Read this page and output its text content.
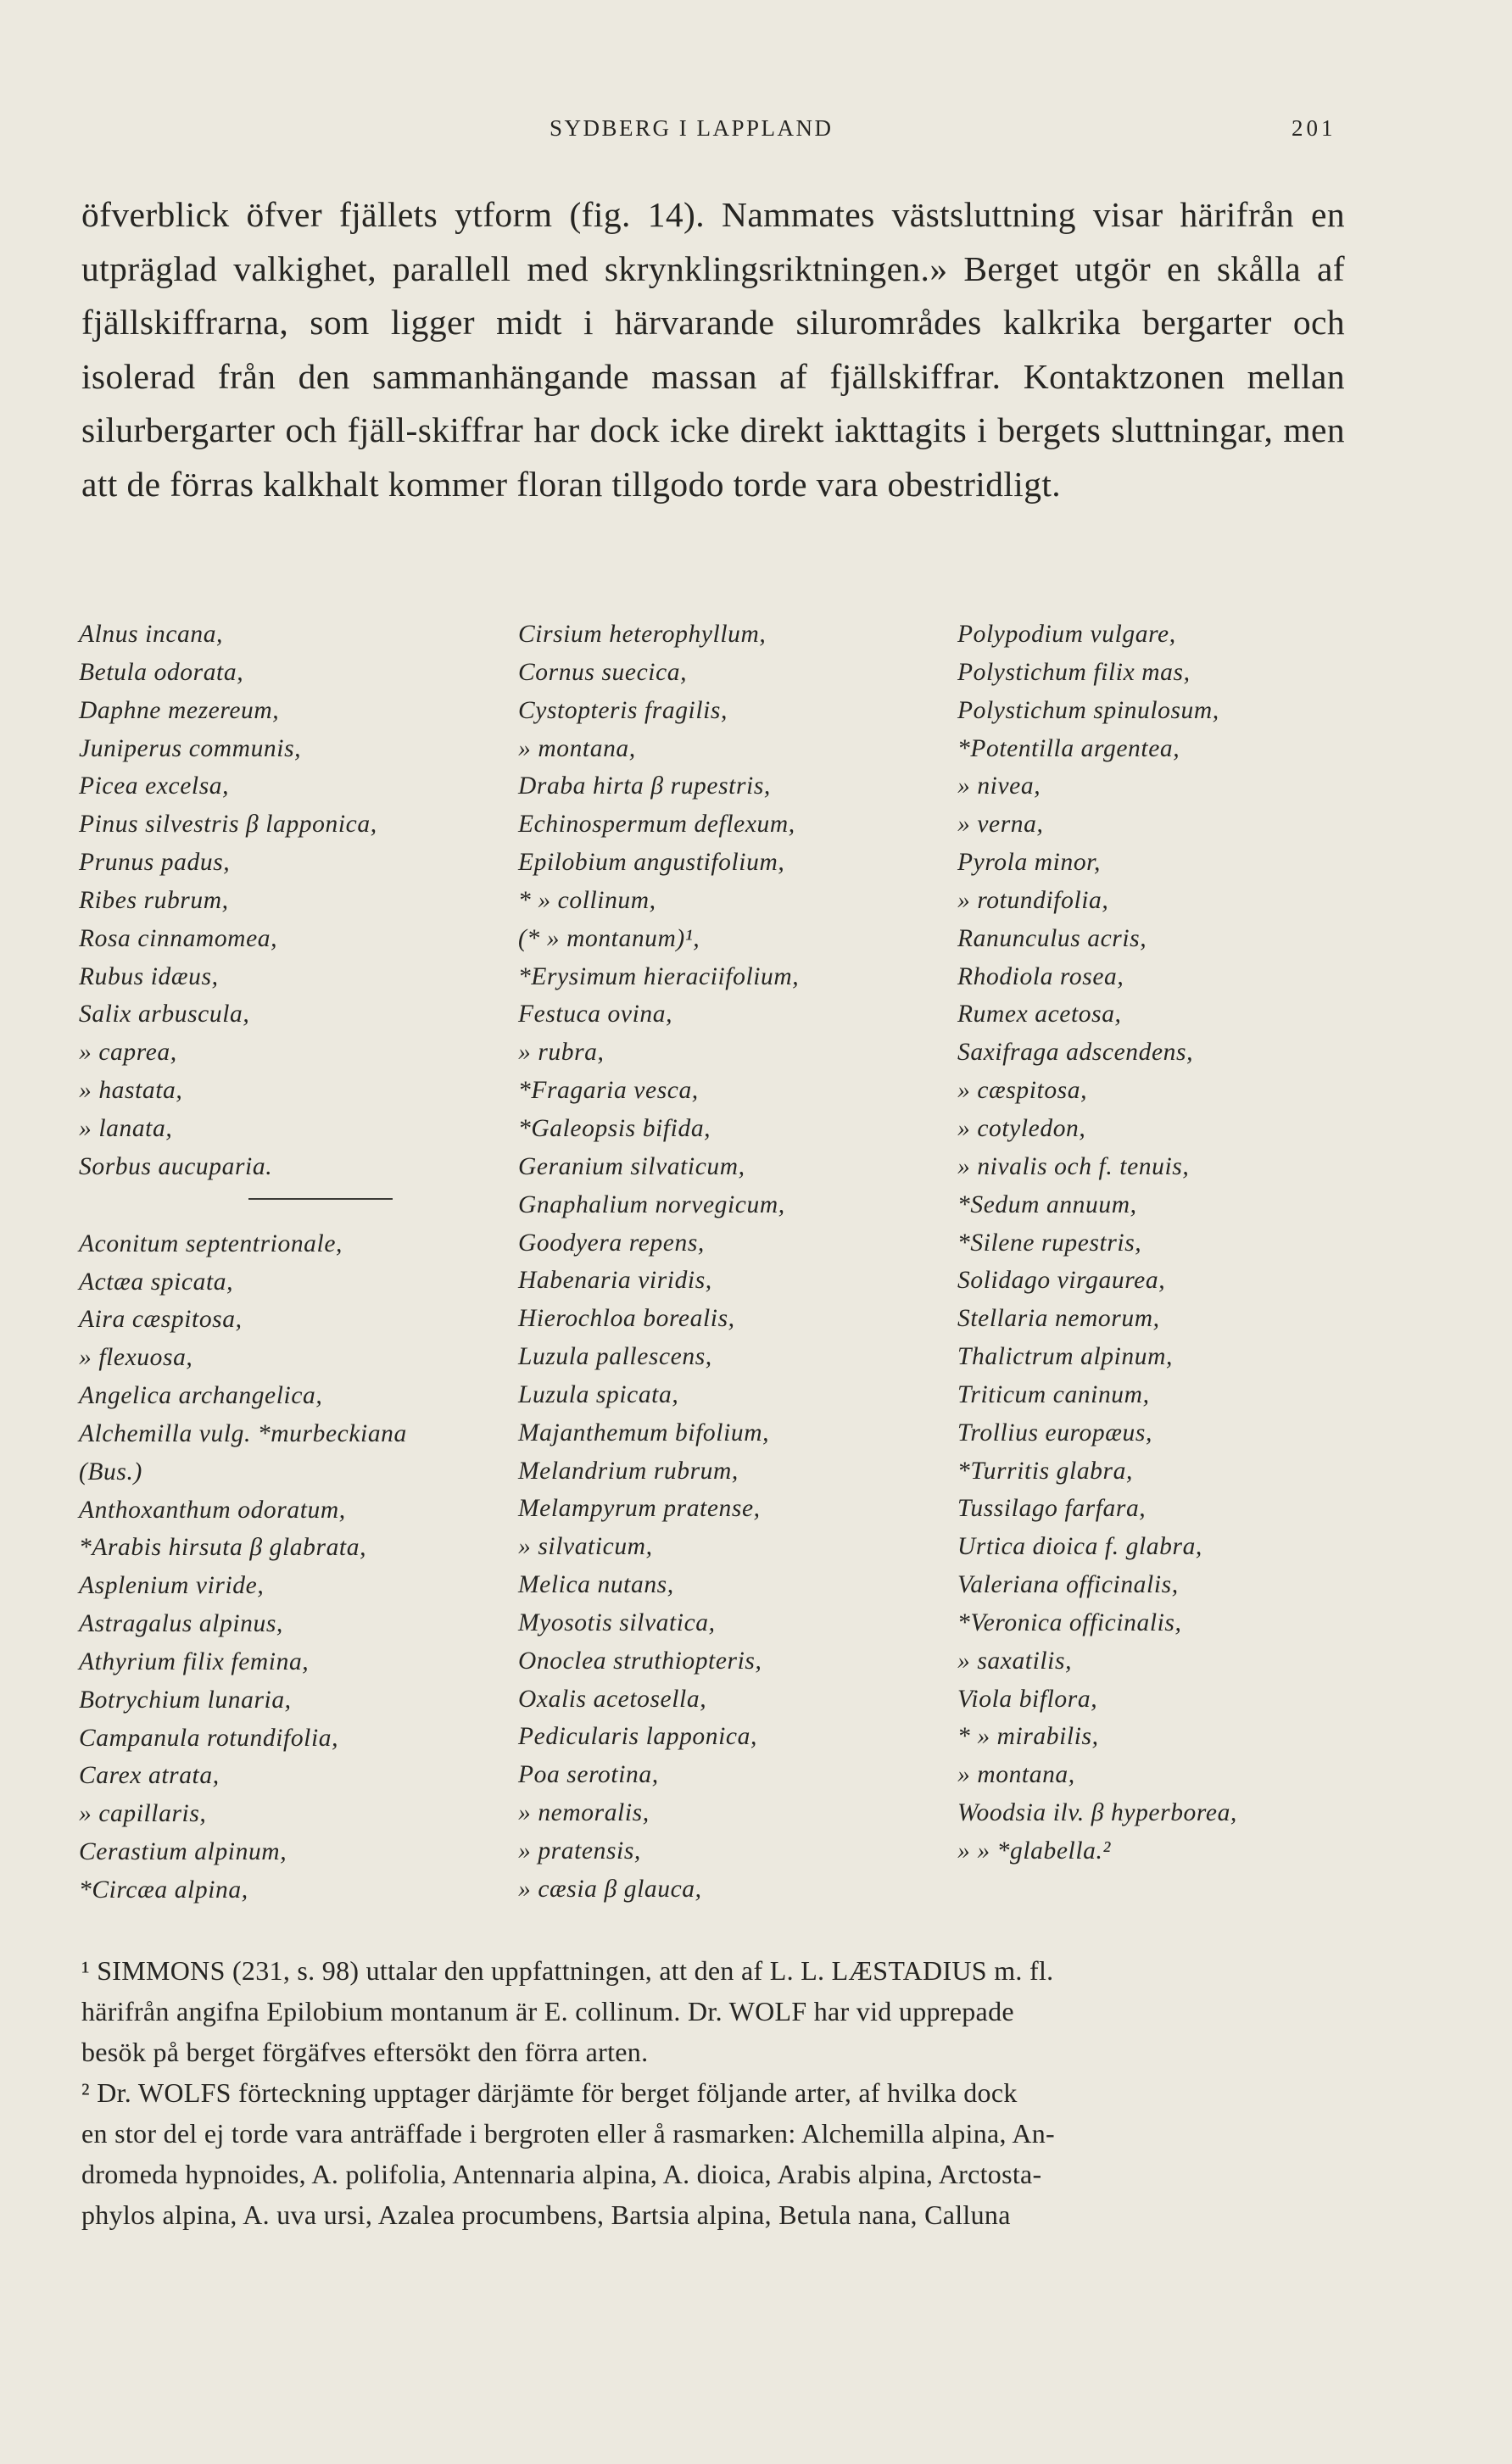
SYDBERG I LAPPLAND	201

öfverblick öfver fjällets ytform (fig. 14). Nammates västsluttning visar härifrån en utpräglad valkighet, parallell med skrynklingsriktningen.» Berget utgör en skålla af fjällskiffrarna, som ligger midt i härvarande silurområdes kalkrika bergarter och isolerad från den sammanhängande massan af fjällskiffrar. Kontaktzonen mellan silurbergarter och fjäll-skiffrar har dock icke direkt iakttagits i bergets sluttningar, men att de förras kalkhalt kommer floran tillgodo torde vara obestridligt.

Alnus incana,
Betula odorata,
Daphne mezereum,
Juniperus communis,
Picea excelsa,
Pinus silvestris β lapponica,
Prunus padus,
Ribes rubrum,
Rosa cinnamomea,
Rubus idæus,
Salix arbuscula,
» caprea,
» hastata,
» lanata,
Sorbus aucuparia.
Aconitum septentrionale,
Actæa spicata,
Aira cæspitosa,
» flexuosa,
Angelica archangelica,
Alchemilla vulg. *murbeckiana
(Bus.)
Anthoxanthum odoratum,
*Arabis hirsuta β glabrata,
Asplenium viride,
Astragalus alpinus,
Athyrium filix femina,
Botrychium lunaria,
Campanula rotundifolia,
Carex atrata,
» capillaris,
Cerastium alpinum,
*Circæa alpina,
Cirsium heterophyllum,
Cornus suecica,
Cystopteris fragilis,
» montana,
Draba hirta β rupestris,
Echinospermum deflexum,
Epilobium angustifolium,
* » collinum,
(* » montanum)¹,
*Erysimum hieraciifolium,
Festuca ovina,
» rubra,
*Fragaria vesca,
*Galeopsis bifida,
Geranium silvaticum,
Gnaphalium norvegicum,
Goodyera repens,
Habenaria viridis,
Hierochloa borealis,
Luzula pallescens,
Luzula spicata,
Majanthemum bifolium,
Melandrium rubrum,
Melampyrum pratense,
» silvaticum,
Melica nutans,
Myosotis silvatica,
Onoclea struthiopteris,
Oxalis acetosella,
Pedicularis lapponica,
Poa serotina,
» nemoralis,
» pratensis,
» cæsia β glauca,
Polypodium vulgare,
Polystichum filix mas,
Polystichum spinulosum,
*Potentilla argentea,
» nivea,
» verna,
Pyrola minor,
» rotundifolia,
Ranunculus acris,
Rhodiola rosea,
Rumex acetosa,
Saxifraga adscendens,
» cæspitosa,
» cotyledon,
» nivalis och f. tenuis,
*Sedum annuum,
*Silene rupestris,
Solidago virgaurea,
Stellaria nemorum,
Thalictrum alpinum,
Triticum caninum,
Trollius europæus,
*Turritis glabra,
Tussilago farfara,
Urtica dioica f. glabra,
Valeriana officinalis,
*Veronica officinalis,
» saxatilis,
Viola biflora,
* » mirabilis,
» montana,
Woodsia ilv. β hyperborea,
» » *glabella.²
¹ SIMMONS (231, s. 98) uttalar den uppfattningen, att den af L. L. LÆSTADIUS m. fl.
härifrån angifna Epilobium montanum är E. collinum. Dr. WOLF har vid upprepade
besök på berget förgäfves eftersökt den förra arten.
² Dr. WOLFS förteckning upptager därjämte för berget följande arter, af hvilka dock
en stor del ej torde vara anträffade i bergroten eller å rasmarken: Alchemilla alpina, An-
dromeda hypnoides, A. polifolia, Antennaria alpina, A. dioica, Arabis alpina, Arctosta-
phylos alpina, A. uva ursi, Azalea procumbens, Bartsia alpina, Betula nana, Calluna
